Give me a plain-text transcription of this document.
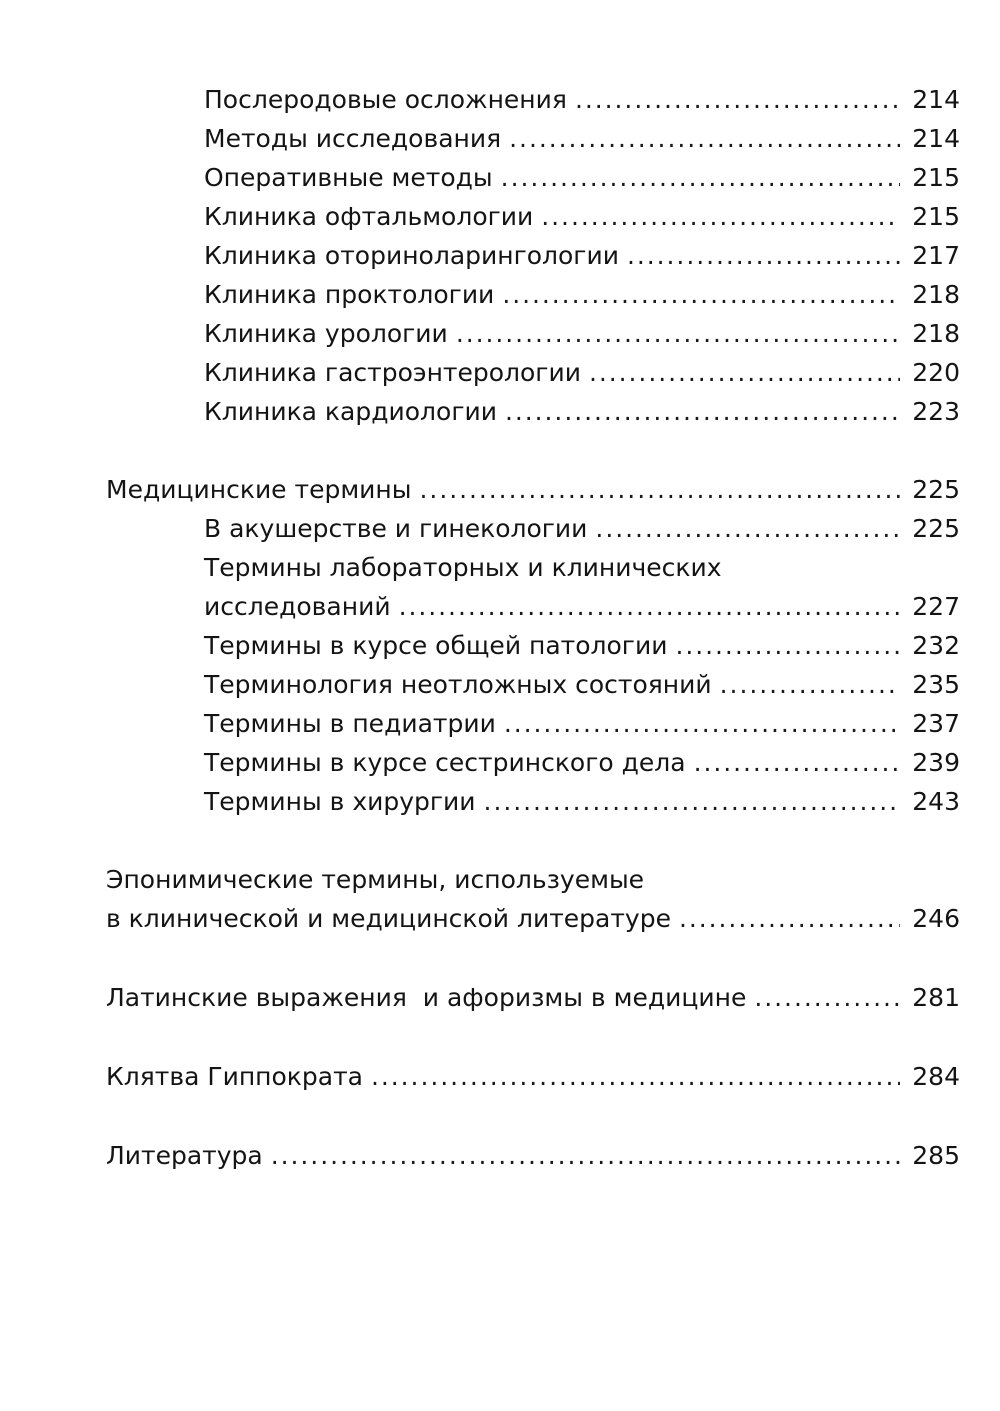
Послеродовые осложнения . . .	214
Методы исследования . . .	214
Оперативные методы . . .	215
Клиника офтальмологии . . .	215
Клиника оториноларингологии . . .	217
Клиника проктологии . . .	218
Клиника урологии . . .	218
Клиника гастроэнтерологии . . .	220
Клиника кардиологии . . .	223
Медицинские термины . . .	225
В акушерстве и гинекологии . . .	225
Термины лабораторных и клинических
исследований . . .	227
Термины в курсе общей патологии . . .	232
Терминология неотложных состояний . . .	235
Термины в педиатрии . . .	237
Термины в курсе сестринского дела . . .	239
Термины в хирургии . . .	243
Эпонимические термины, используемые
в клинической и медицинской литературе . . .	246
Латинские выражения  и афоризмы в медицине . . .	281
Клятва Гиппократа . . .	284
Литература . . .	285
